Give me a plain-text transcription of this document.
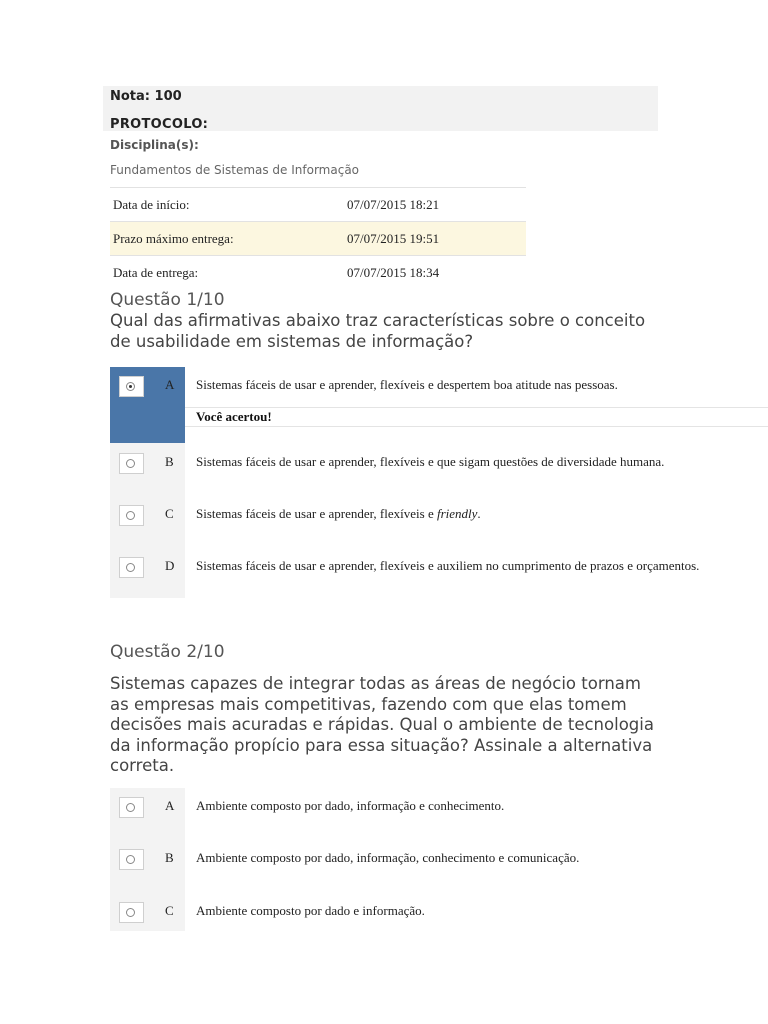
Nota: 100
PROTOCOLO:
Disciplina(s):
Fundamentos de Sistemas de Informação
Data de início:	07/07/2015 18:21
Prazo máximo entrega:	07/07/2015 19:51
Data de entrega:	07/07/2015 18:34
Questão 1/10
Qual das afirmativas abaixo traz características sobre o conceito de usabilidade em sistemas de informação?
A Sistemas fáceis de usar e aprender, flexíveis e despertem boa atitude nas pessoas.
Você acertou!
B Sistemas fáceis de usar e aprender, flexíveis e que sigam questões de diversidade humana.
C Sistemas fáceis de usar e aprender, flexíveis e friendly.
D Sistemas fáceis de usar e aprender, flexíveis e auxiliem no cumprimento de prazos e orçamentos.
Questão 2/10
Sistemas capazes de integrar todas as áreas de negócio tornam as empresas mais competitivas, fazendo com que elas tomem decisões mais acuradas e rápidas. Qual o ambiente de tecnologia da informação propício para essa situação? Assinale a alternativa correta.
A Ambiente composto por dado, informação e conhecimento.
B Ambiente composto por dado, informação, conhecimento e comunicação.
C Ambiente composto por dado e informação.
